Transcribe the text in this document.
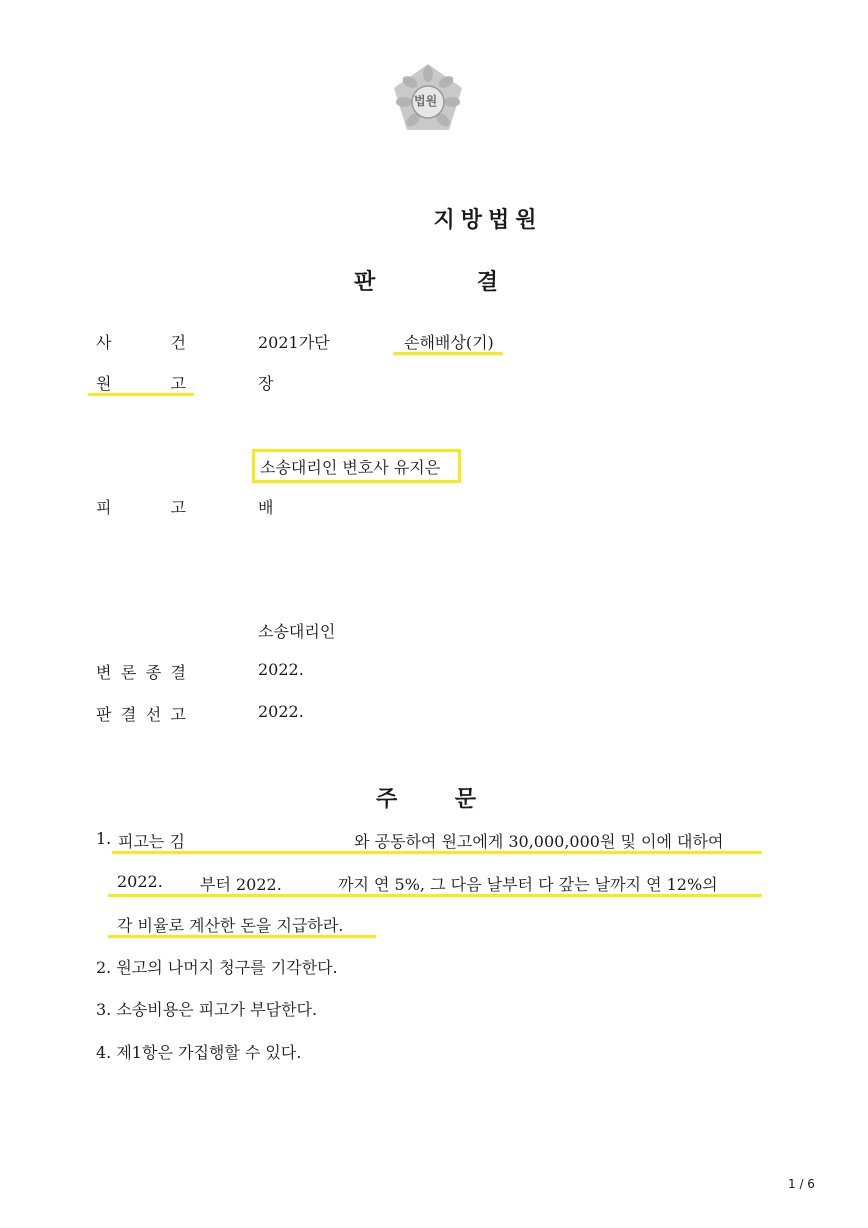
법원
지방법원
판	결
사	건	2021가단	손해배상(기)
원	고	장
소송대리인 변호사 유지은
피	고	배
소송대리인
변 론 종 결	2022.
판 결 선 고	2022.
주	문
1. 피고는 김	와 공동하여 원고에게 30,000,000원 및 이에 대하여
2022. 부터 2022.	까지 연 5%, 그 다음 날부터 다 갚는 날까지 연 12%의
각 비율로 계산한 돈을 지급하라.
2. 원고의 나머지 청구를 기각한다.
3. 소송비용은 피고가 부담한다.
4. 제1항은 가집행할 수 있다.
1 / 6
